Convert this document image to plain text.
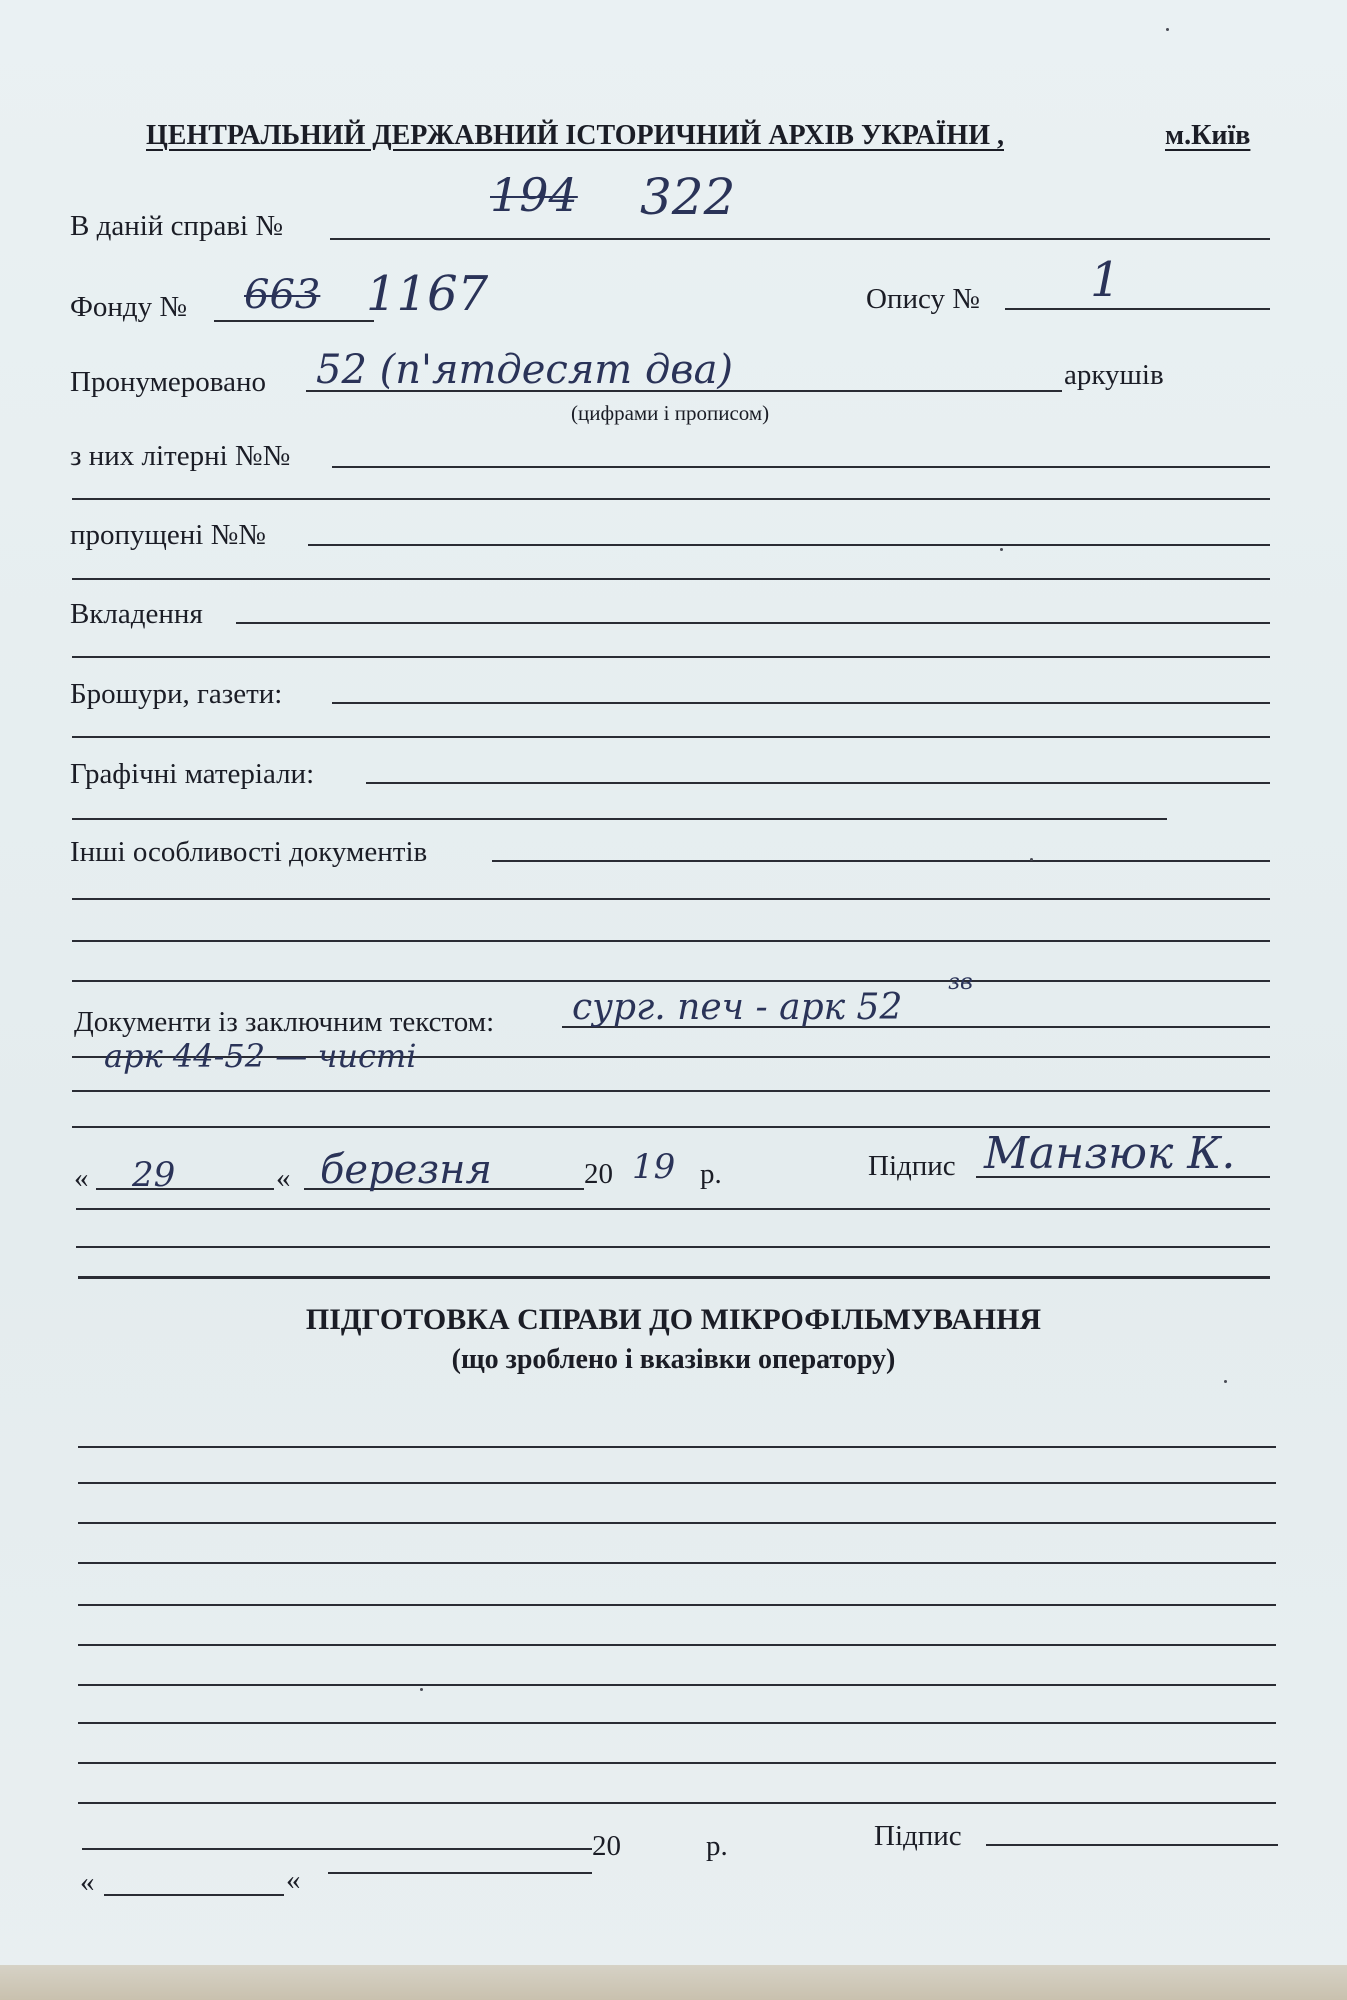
ЦЕНТРАЛЬНИЙ ДЕРЖАВНИЙ ІСТОРИЧНИЙ АРХІВ УКРАЇНИ ,	м.Київ
В даній справі №
194 322
Фонду № 663 1167	Опису № 1
Пронумеровано 52 (п'ятдесят два)	аркушів
(цифрами і прописом)
з них літерні №№
пропущені №№
Вкладення
Брошури, газети:
Графічні матеріали:
Інші особливості документів
Документи із заключним текстом: сург. печ - арк 52
зв
арк 44-52 — чисті
« 29	« березня	20 19 р.	Підпис Манзюк К.
ПІДГОТОВКА СПРАВИ ДО МІКРОФІЛЬМУВАННЯ
(що зроблено і вказівки оператору)
20	р.	Підпис
«	«
